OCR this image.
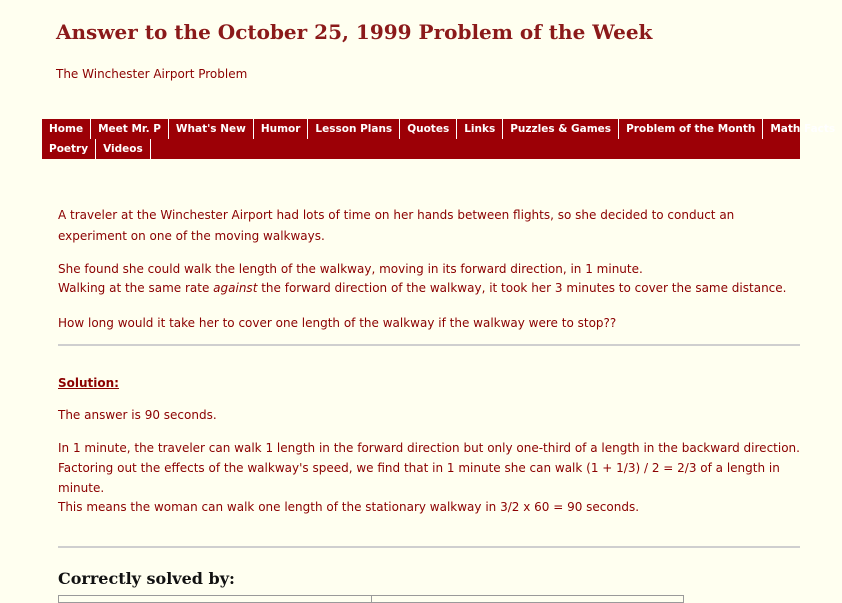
Answer to the October 25, 1999 Problem of the Week
The Winchester Airport Problem
Home	Meet Mr. P	What's New	Humor	Lesson Plans	Quotes	Links	Puzzles & Games	Problem of the Month	Math Facts
Poetry	Videos
A traveler at the Winchester Airport had lots of time on her hands between flights, so she decided to conduct an
experiment on one of the moving walkways.
She found she could walk the length of the walkway, moving in its forward direction, in 1 minute.
Walking at the same rate against the forward direction of the walkway, it took her 3 minutes to cover the same distance.
How long would it take her to cover one length of the walkway if the walkway were to stop??
Solution:
The answer is 90 seconds.
In 1 minute, the traveler can walk 1 length in the forward direction but only one-third of a length in the backward direction.
Factoring out the effects of the walkway's speed, we find that in 1 minute she can walk (1 + 1/3) / 2 = 2/3 of a length in
minute.
This means the woman can walk one length of the stationary walkway in 3/2 x 60 = 90 seconds.
Correctly solved by:
